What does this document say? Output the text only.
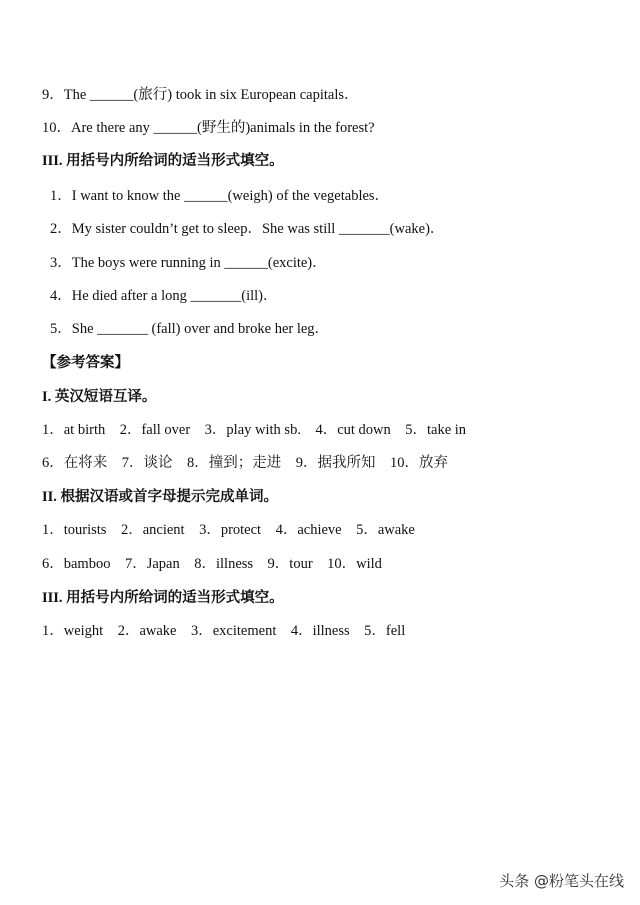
9．The ______(旅行) took in six European capitals．
10．Are there any ______(野生的)animals in the forest?
III. 用括号内所给词的适当形式填空。
1．I want to know the ______(weigh) of the vegetables．
2．My sister couldn’t get to sleep．She was still _______(wake)．
3．The boys were running in ______(excite)．
4．He died after a long _______(ill)．
5．She _______ (fall) over and broke her leg．
【参考答案】
I. 英汉短语互译。
1．at birth　2．fall over　3．play with sb.　4．cut down　5．take in
6．在将来　7．谈论　8．撞到；走进　9．据我所知　10．放弃
II. 根据汉语或首字母提示完成单词。
1．tourists　2．ancient　3．protect　4．achieve　5．awake
6．bamboo　7．Japan　8．illness　9．tour　10．wild
III. 用括号内所给词的适当形式填空。
1．weight　2．awake　3．excitement　4．illness　5．fell
头条 @粉笔头在线
